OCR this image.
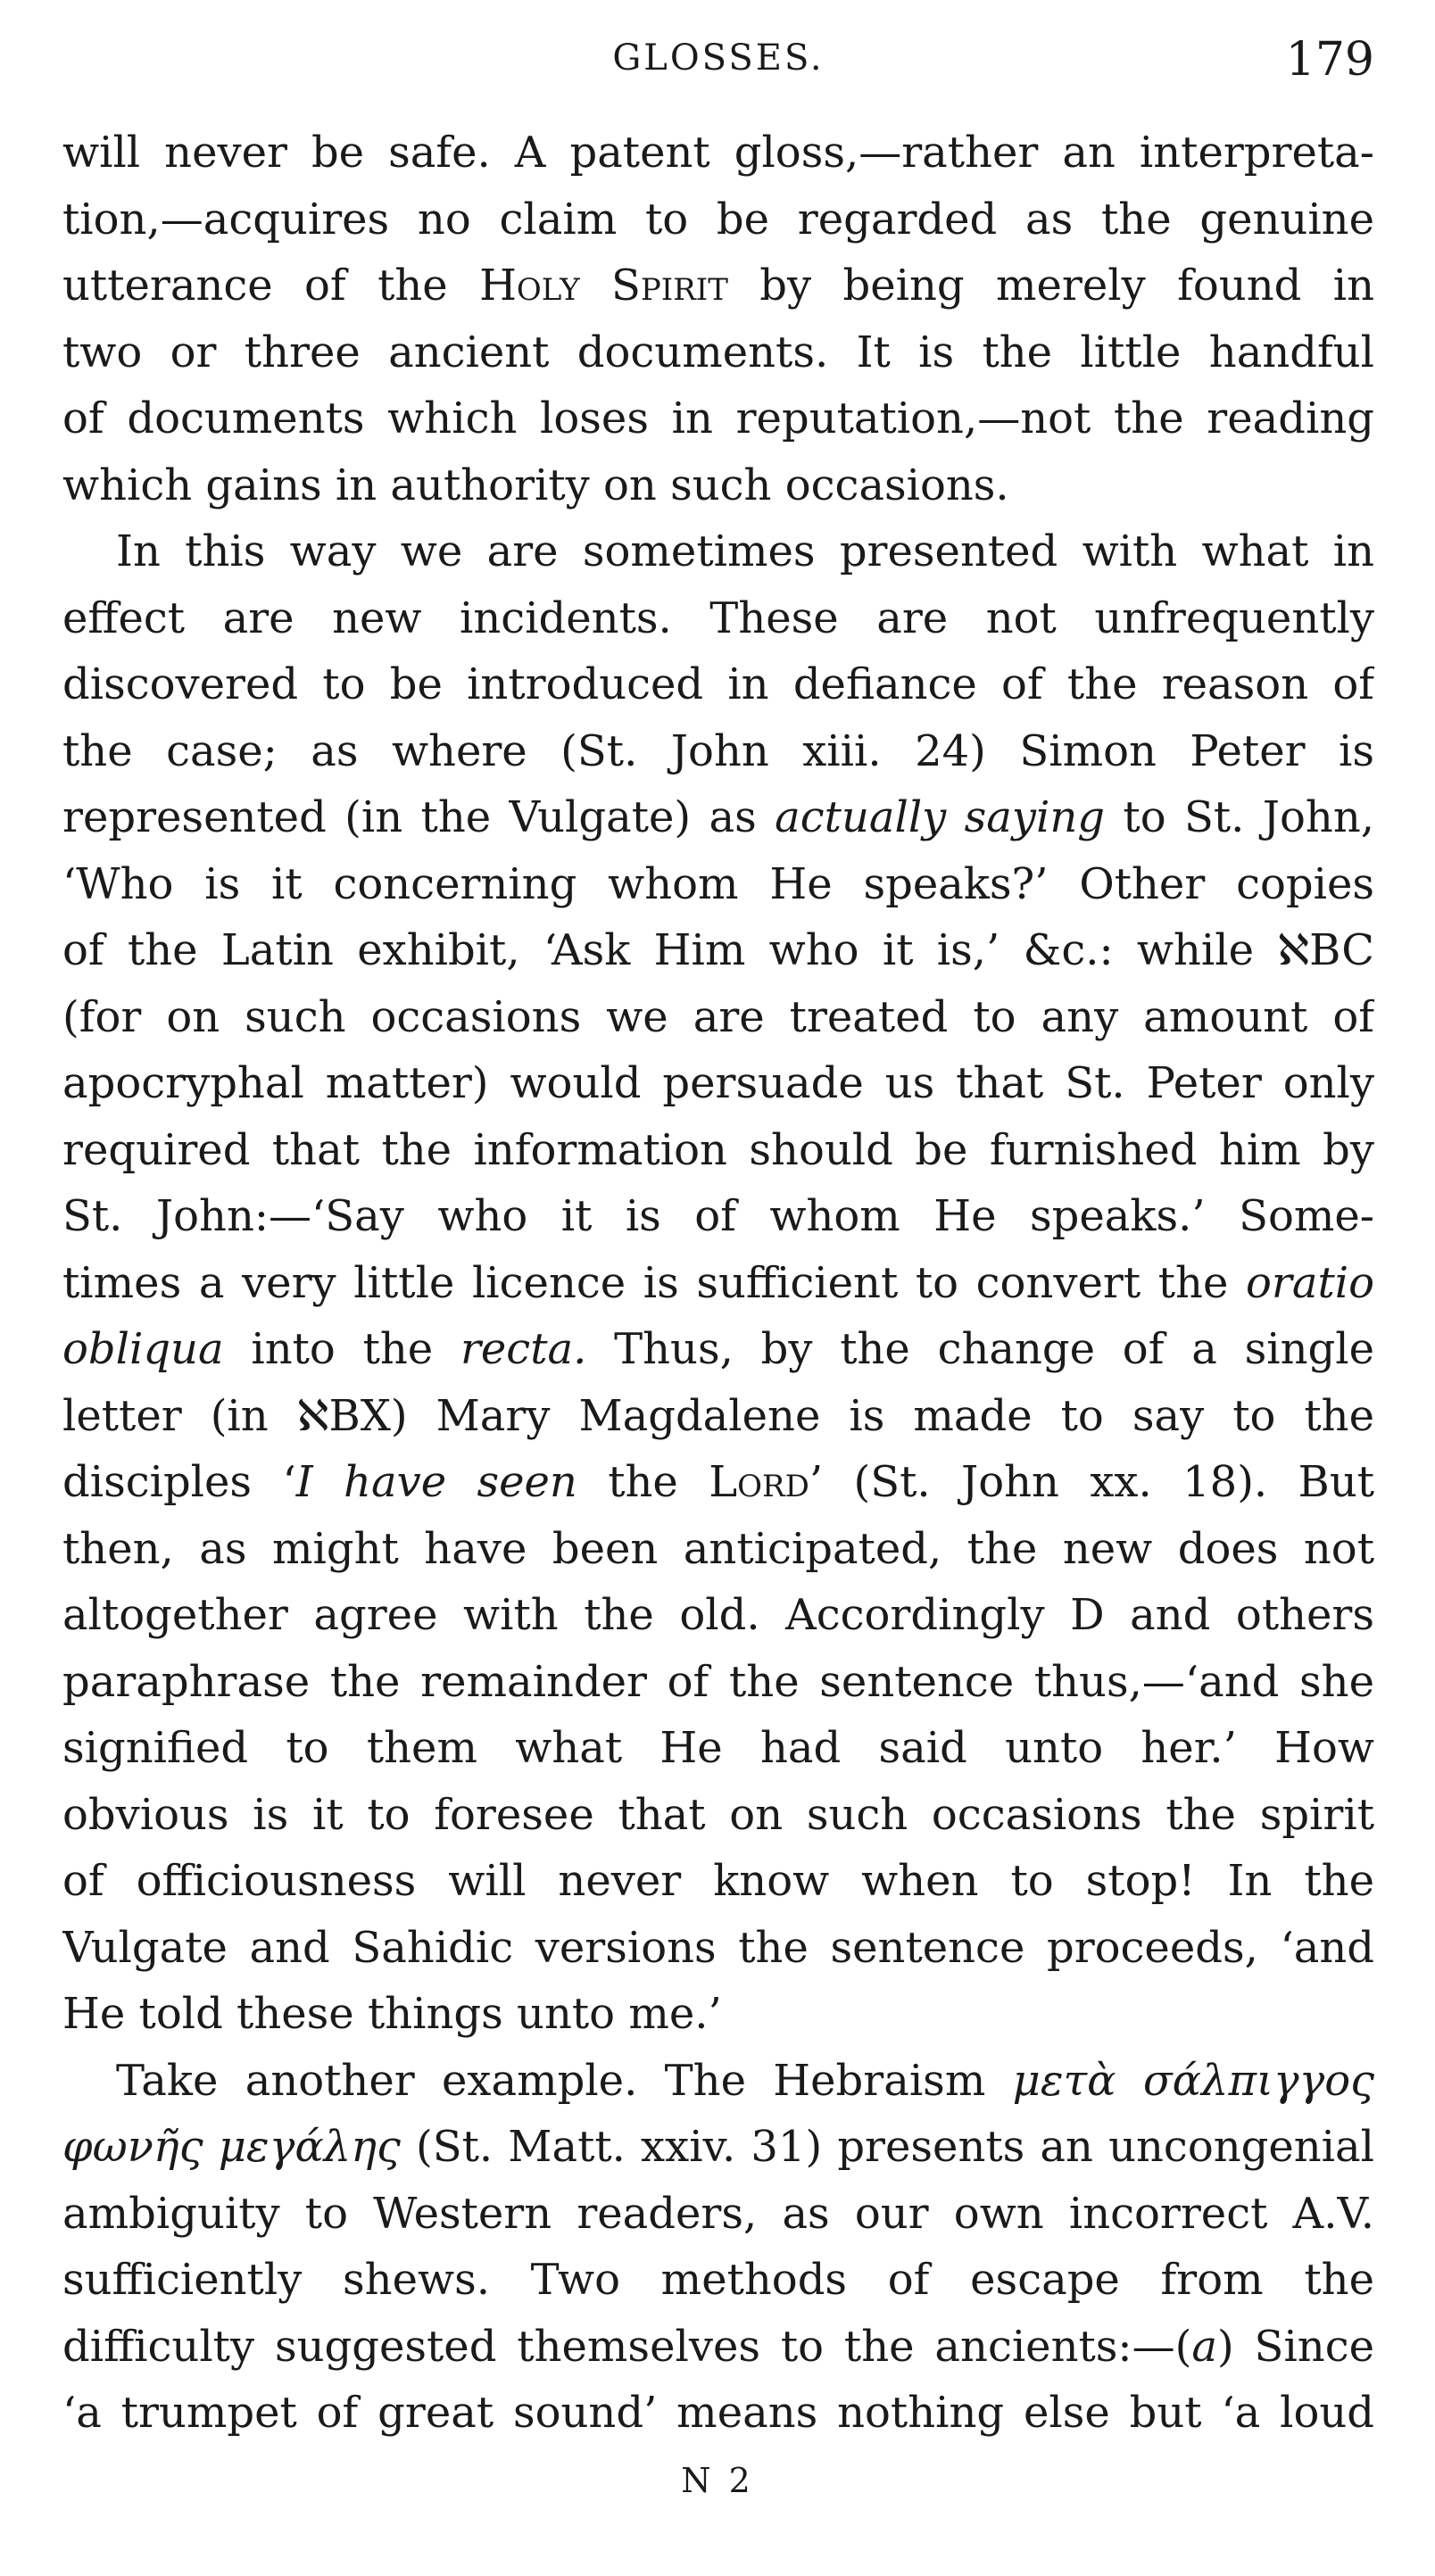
GLOSSES.	179
will never be safe. A patent gloss,—rather an interpreta-
tion,—acquires no claim to be regarded as the genuine
utterance of the Holy Spirit by being merely found in
two or three ancient documents. It is the little handful
of documents which loses in reputation,—not the reading
which gains in authority on such occasions.
In this way we are sometimes presented with what in
effect are new incidents. These are not unfrequently
discovered to be introduced in defiance of the reason of
the case; as where (St. John xiii. 24) Simon Peter is
represented (in the Vulgate) as actually saying to St. John,
‘Who is it concerning whom He speaks?’ Other copies
of the Latin exhibit, ‘Ask Him who it is,’ &c.: while ℵBC
(for on such occasions we are treated to any amount of
apocryphal matter) would persuade us that St. Peter only
required that the information should be furnished him by
St. John:—‘Say who it is of whom He speaks.’ Some-
times a very little licence is sufficient to convert the oratio
obliqua into the recta. Thus, by the change of a single
letter (in ℵBX) Mary Magdalene is made to say to the
disciples ‘I have seen the Lord’ (St. John xx. 18). But
then, as might have been anticipated, the new does not
altogether agree with the old. Accordingly D and others
paraphrase the remainder of the sentence thus,—‘and she
signified to them what He had said unto her.’ How
obvious is it to foresee that on such occasions the spirit
of officiousness will never know when to stop! In the
Vulgate and Sahidic versions the sentence proceeds, ‘and
He told these things unto me.’
Take another example. The Hebraism μετὰ σάλπιγγος
φωνῆς μεγάλης (St. Matt. xxiv. 31) presents an uncongenial
ambiguity to Western readers, as our own incorrect A.V.
sufficiently shews. Two methods of escape from the
difficulty suggested themselves to the ancients:—(a) Since
‘a trumpet of great sound’ means nothing else but ‘a loud
N 2
